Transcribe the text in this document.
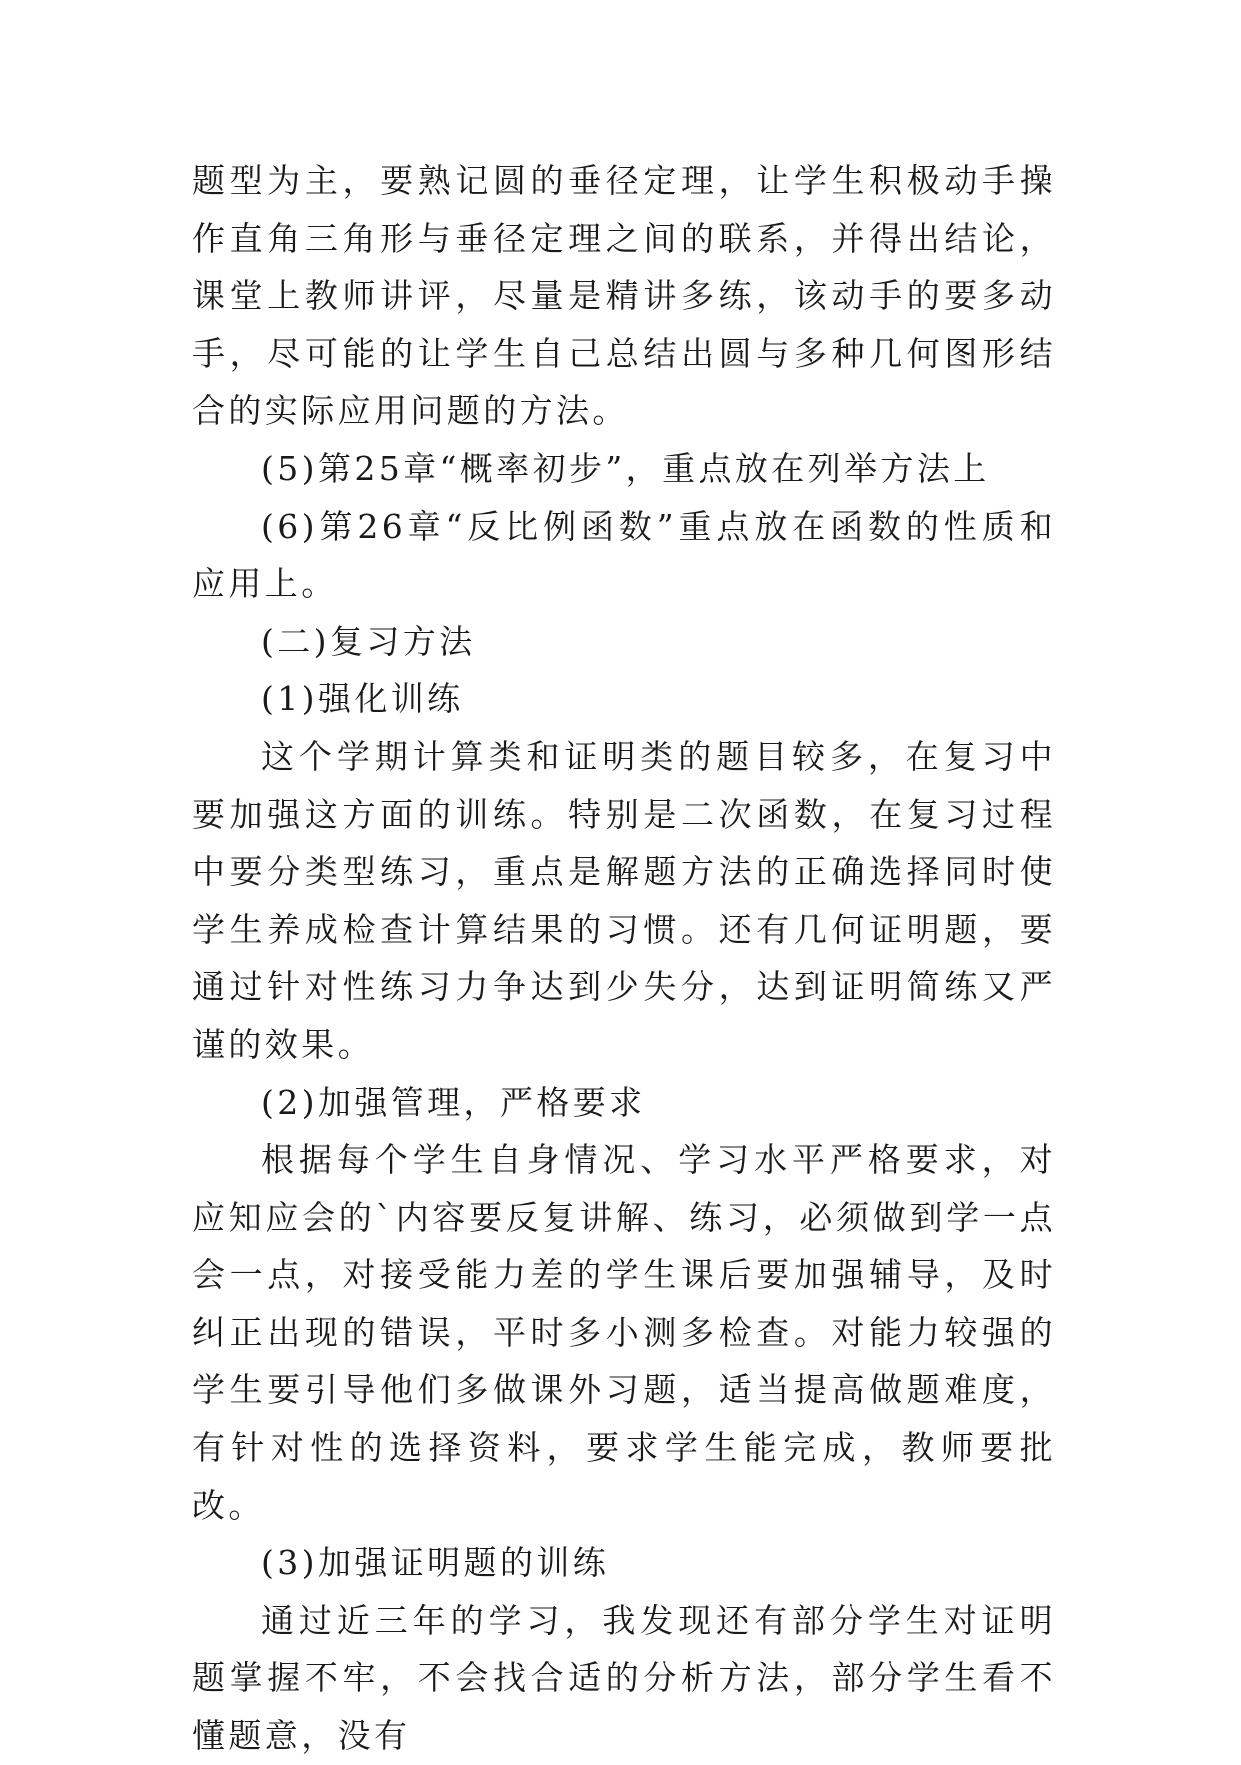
题型为主，要熟记圆的垂径定理，让学生积极动手操作直角三角形与垂径定理之间的联系，并得出结论，课堂上教师讲评，尽量是精讲多练，该动手的要多动手，尽可能的让学生自己总结出圆与多种几何图形结合的实际应用问题的方法。

(5)第25章“概率初步”，重点放在列举方法上

(6)第26章“反比例函数”重点放在函数的性质和应用上。

(二)复习方法

(1)强化训练

这个学期计算类和证明类的题目较多，在复习中要加强这方面的训练。特别是二次函数，在复习过程中要分类型练习，重点是解题方法的正确选择同时使学生养成检查计算结果的习惯。还有几何证明题，要通过针对性练习力争达到少失分，达到证明简练又严谨的效果。

(2)加强管理，严格要求

根据每个学生自身情况、学习水平严格要求，对应知应会的`内容要反复讲解、练习，必须做到学一点会一点，对接受能力差的学生课后要加强辅导，及时纠正出现的错误，平时多小测多检查。对能力较强的学生要引导他们多做课外习题，适当提高做题难度，有针对性的选择资料，要求学生能完成，教师要批改。

(3)加强证明题的训练

通过近三年的学习，我发现还有部分学生对证明题掌握不牢，不会找合适的分析方法，部分学生看不懂题意，没有
